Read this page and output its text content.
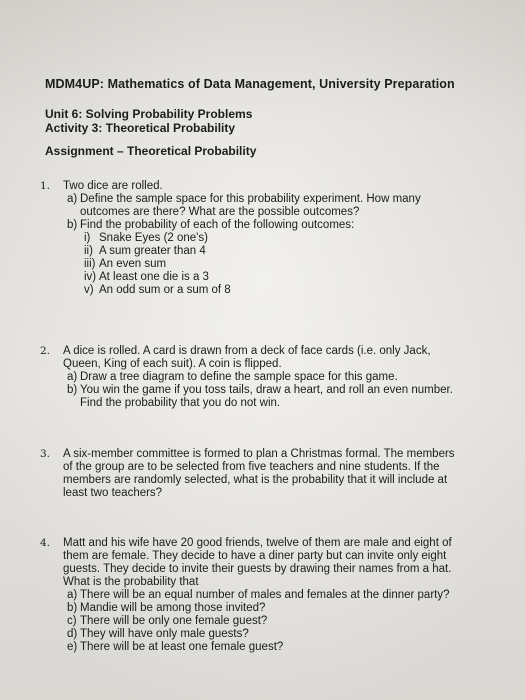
MDM4UP: Mathematics of Data Management, University Preparation
Unit 6: Solving Probability Problems
Activity 3: Theoretical Probability
Assignment – Theoretical Probability
1. Two dice are rolled.
a) Define the sample space for this probability experiment. How many
outcomes are there? What are the possible outcomes?
b) Find the probability of each of the following outcomes:
i) Snake Eyes (2 one's)
ii) A sum greater than 4
iii) An even sum
iv) At least one die is a 3
v) An odd sum or a sum of 8
2. A dice is rolled. A card is drawn from a deck of face cards (i.e. only Jack,
Queen, King of each suit). A coin is flipped.
a) Draw a tree diagram to define the sample space for this game.
b) You win the game if you toss tails, draw a heart, and roll an even number.
Find the probability that you do not win.
3. A six-member committee is formed to plan a Christmas formal. The members
of the group are to be selected from five teachers and nine students. If the
members are randomly selected, what is the probability that it will include at
least two teachers?
4. Matt and his wife have 20 good friends, twelve of them are male and eight of
them are female. They decide to have a diner party but can invite only eight
guests. They decide to invite their guests by drawing their names from a hat.
What is the probability that
a) There will be an equal number of males and females at the dinner party?
b) Mandie will be among those invited?
c) There will be only one female guest?
d) They will have only male guests?
e) There will be at least one female guest?
